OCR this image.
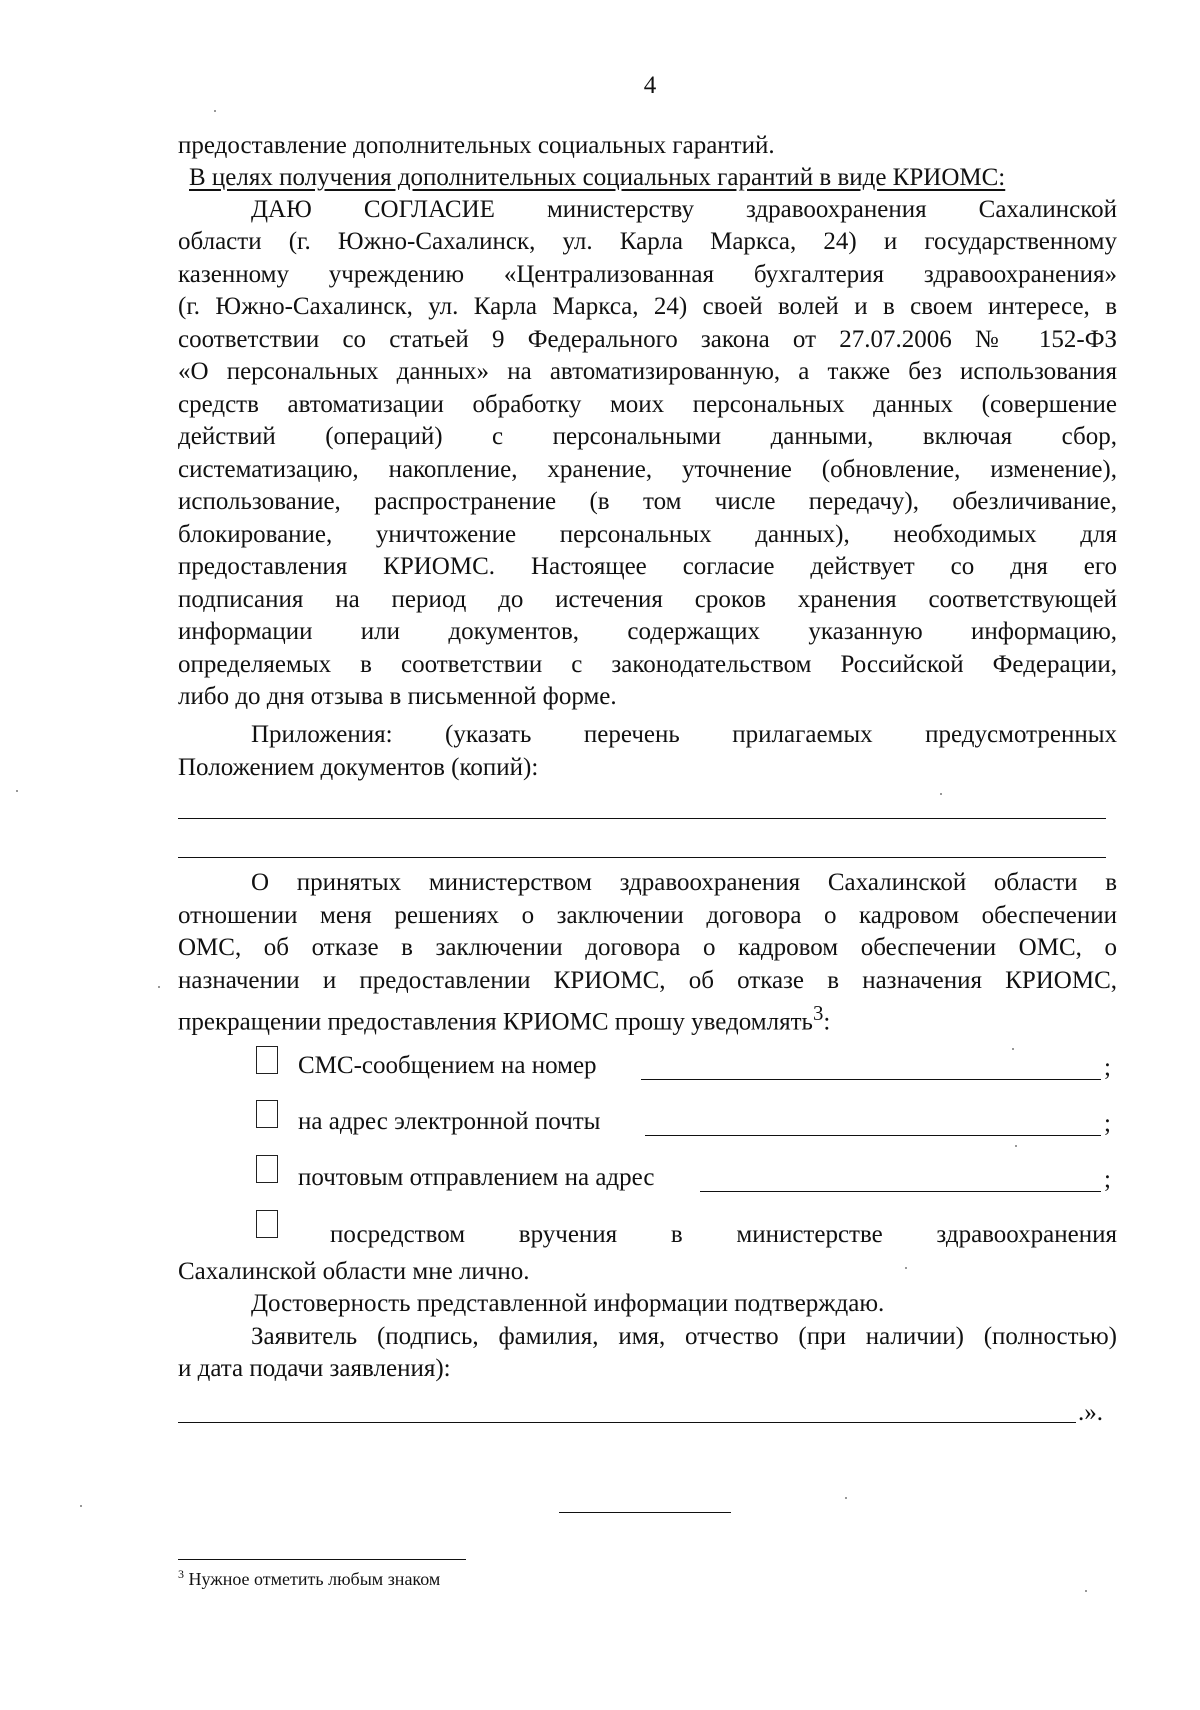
4
предоставление дополнительных социальных гарантий.
В целях получения дополнительных социальных гарантий в виде КРИОМС:
ДАЮ СОГЛАСИЕ министерству здравоохранения Сахалинской
области (г. Южно-Сахалинск, ул. Карла Маркса, 24) и государственному
казенному учреждению «Централизованная бухгалтерия здравоохранения»
(г. Южно-Сахалинск, ул. Карла Маркса, 24) своей волей и в своем интересе, в
соответствии со статьей 9 Федерального закона от 27.07.2006 № 152-ФЗ
«О персональных данных» на автоматизированную, а также без использования
средств автоматизации обработку моих персональных данных (совершение
действий (операций) с персональными данными, включая сбор,
систематизацию, накопление, хранение, уточнение (обновление, изменение),
использование, распространение (в том числе передачу), обезличивание,
блокирование, уничтожение персональных данных), необходимых для
предоставления КРИОМС. Настоящее согласие действует со дня его
подписания на период до истечения сроков хранения соответствующей
информации или документов, содержащих указанную информацию,
определяемых в соответствии с законодательством Российской Федерации,
либо до дня отзыва в письменной форме.
Приложения: (указать перечень прилагаемых предусмотренных
Положением документов (копий):
О принятых министерством здравоохранения Сахалинской области в
отношении меня решениях о заключении договора о кадровом обеспечении
ОМС, об отказе в заключении договора о кадровом обеспечении ОМС, о
назначении и предоставлении КРИОМС, об отказе в назначения КРИОМС,
прекращении предоставления КРИОМС прошу уведомлять$^3$:
СМС-сообщением на номер	;
на адрес электронной почты	;
почтовым отправлением на адрес	;
посредством вручения в министерстве здравоохранения
Сахалинской области мне лично.
Достоверность представленной информации подтверждаю.
Заявитель (подпись, фамилия, имя, отчество (при наличии) (полностью)
и дата подачи заявления):
.».
$^3$ Нужное отметить любым знаком
